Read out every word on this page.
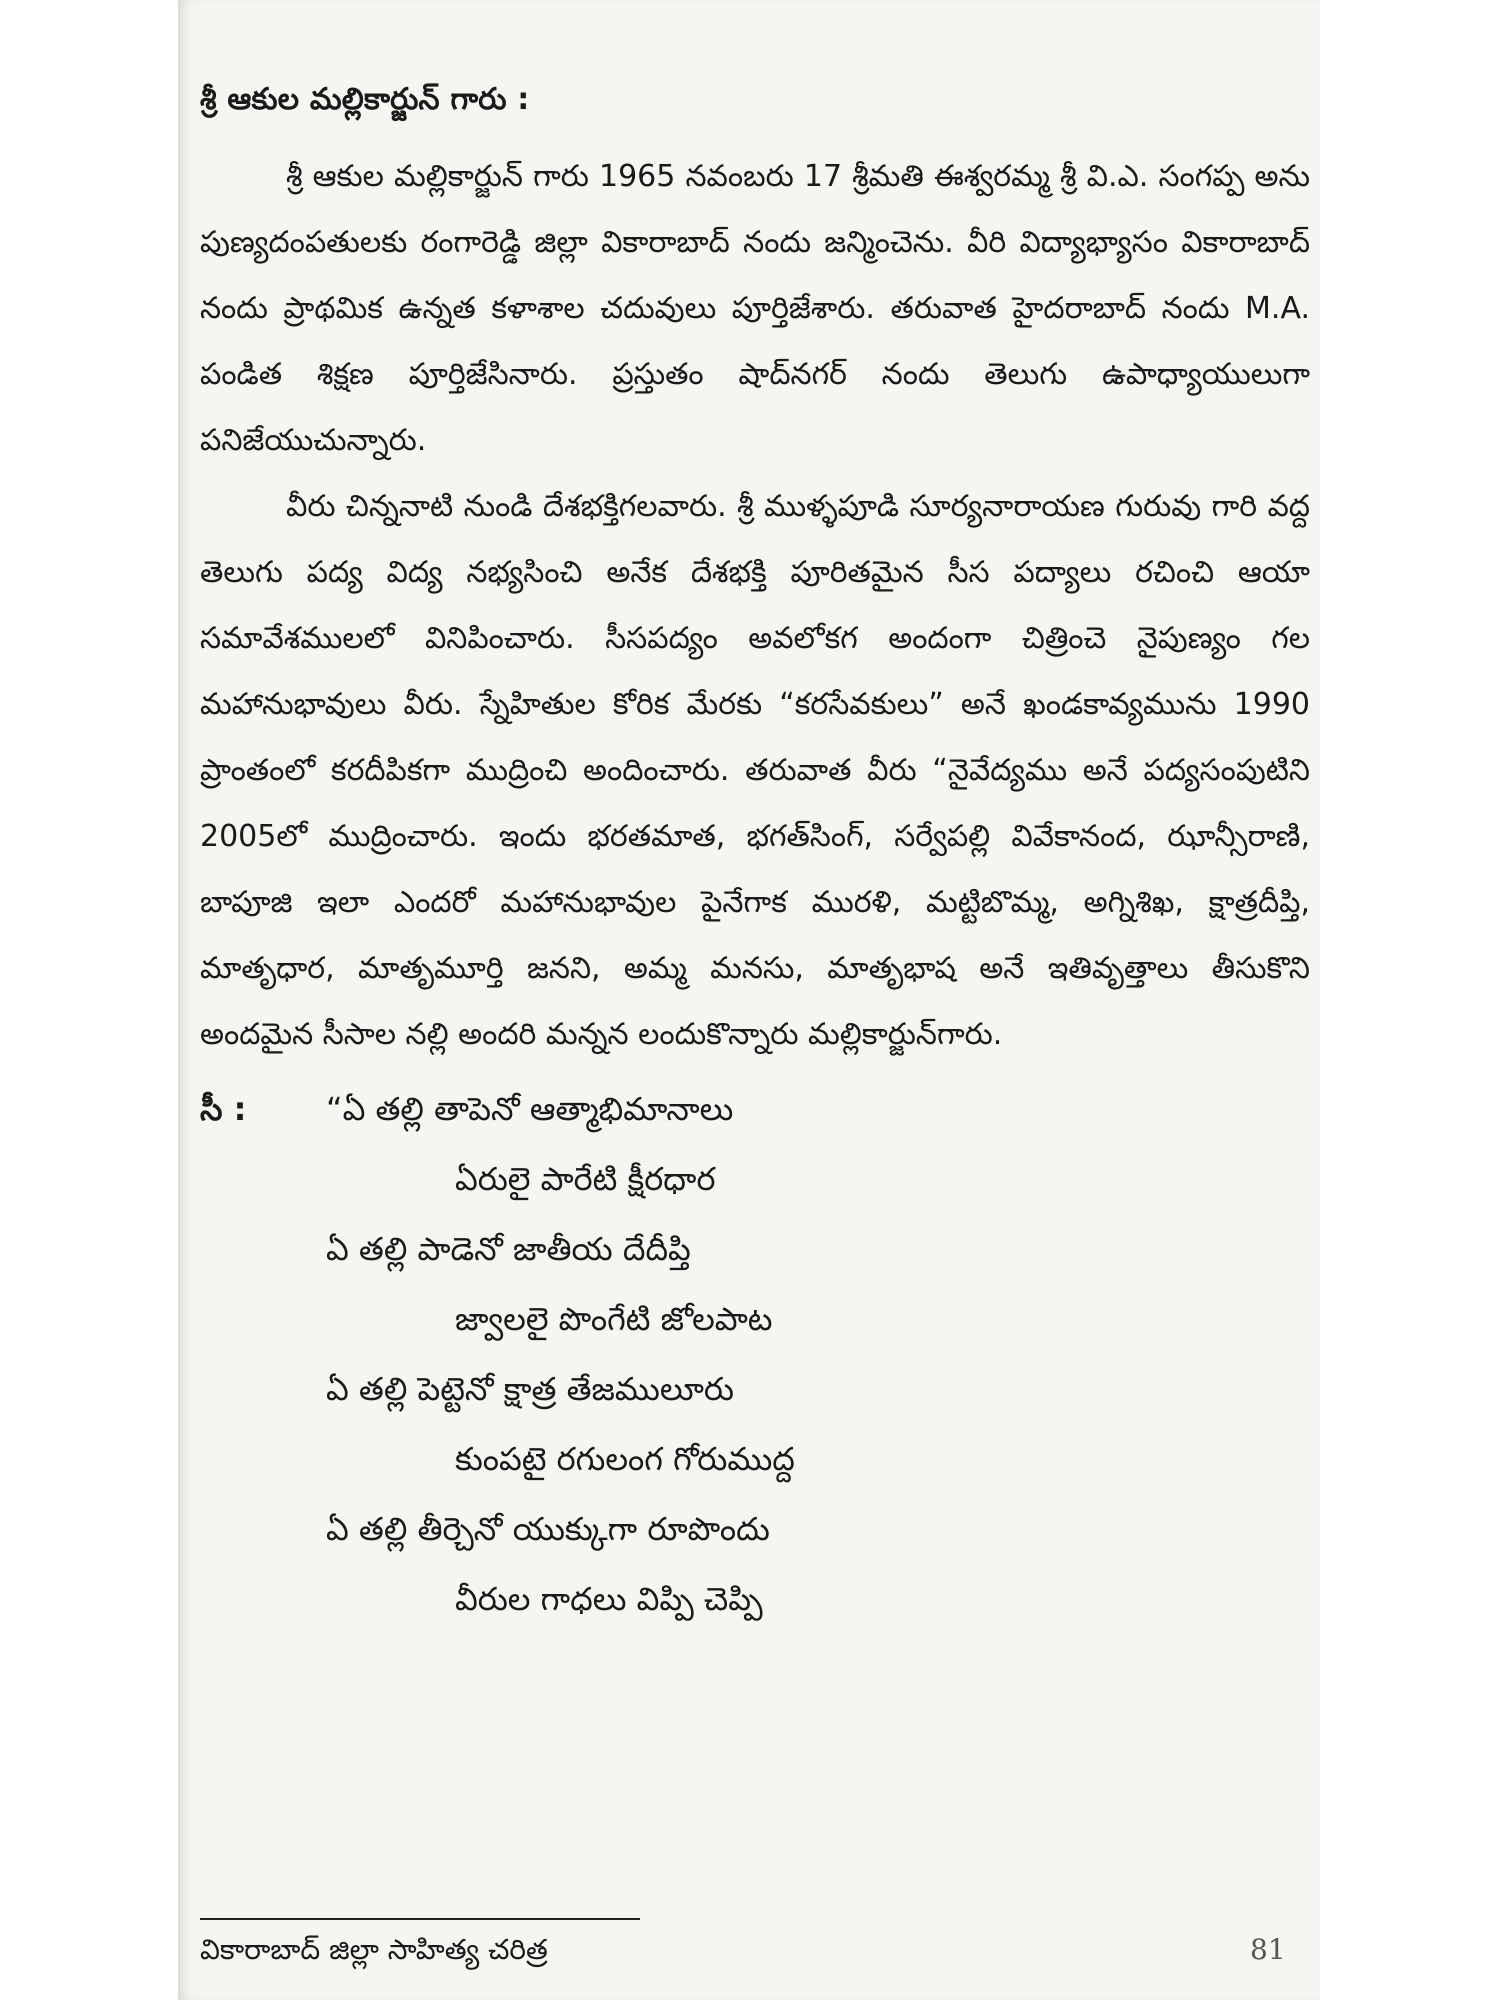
శ్రీ ఆకుల మల్లికార్జున్ గారు :

శ్రీ ఆకుల మల్లికార్జున్ గారు 1965 నవంబరు 17 శ్రీమతి ఈశ్వరమ్మ శ్రీ వి.ఎ. సంగప్ప అను పుణ్యదంపతులకు రంగారెడ్డి జిల్లా వికారాబాద్ నందు జన్మించెను. వీరి విద్యాభ్యాసం వికారాబాద్ నందు ప్రాథమిక ఉన్నత కళాశాల చదువులు పూర్తిజేశారు. తరువాత హైదరాబాద్ నందు M.A. పండిత శిక్షణ పూర్తిజేసినారు. ప్రస్తుతం షాద్‌నగర్ నందు తెలుగు ఉపాధ్యాయులుగా పనిజేయుచున్నారు.

వీరు చిన్ననాటి నుండి దేశభక్తిగలవారు. శ్రీ ముళ్ళపూడి సూర్యనారాయణ గురువు గారి వద్ద తెలుగు పద్య విద్య నభ్యసించి అనేక దేశభక్తి పూరితమైన సీస పద్యాలు రచించి ఆయా సమావేశములలో వినిపించారు. సీసపద్యం అవలోకగ అందంగా చిత్రించె నైపుణ్యం గల మహానుభావులు వీరు. స్నేహితుల కోరిక మేరకు “కరసేవకులు” అనే ఖండకావ్యమును 1990 ప్రాంతంలో కరదీపికగా ముద్రించి అందించారు. తరువాత వీరు “నైవేద్యము అనే పద్యసంపుటిని 2005లో ముద్రించారు. ఇందు భరతమాత, భగత్‌సింగ్, సర్వేపల్లి వివేకానంద, ఝాన్సీరాణి, బాపూజి ఇలా ఎందరో మహానుభావుల పైనేగాక మురళి, మట్టిబొమ్మ, అగ్నిశిఖ, క్షాత్రదీప్తి, మాతృధార, మాతృమూర్తి జనని, అమ్మ మనసు, మాతృభాష అనే ఇతివృత్తాలు తీసుకొని అందమైన సీసాల నల్లి అందరి మన్నన లందుకొన్నారు మల్లికార్జున్‌గారు.

సీ :	“ఏ తల్లి తాపెనో ఆత్మాభిమానాలు

ఏరులై పారేటి క్షీరధార

ఏ తల్లి పాడెనో జాతీయ దేదీప్తి

జ్వాలలై పొంగేటి జోలపాట

ఏ తల్లి పెట్టెనో క్షాత్ర తేజములూరు

కుంపటై రగులంగ గోరుముద్ద

ఏ తల్లి తీర్చెనో యుక్కుగా రూపొందు

వీరుల గాధలు విప్పి చెప్పి

వికారాబాద్ జిల్లా సాహిత్య చరిత్ర	81
